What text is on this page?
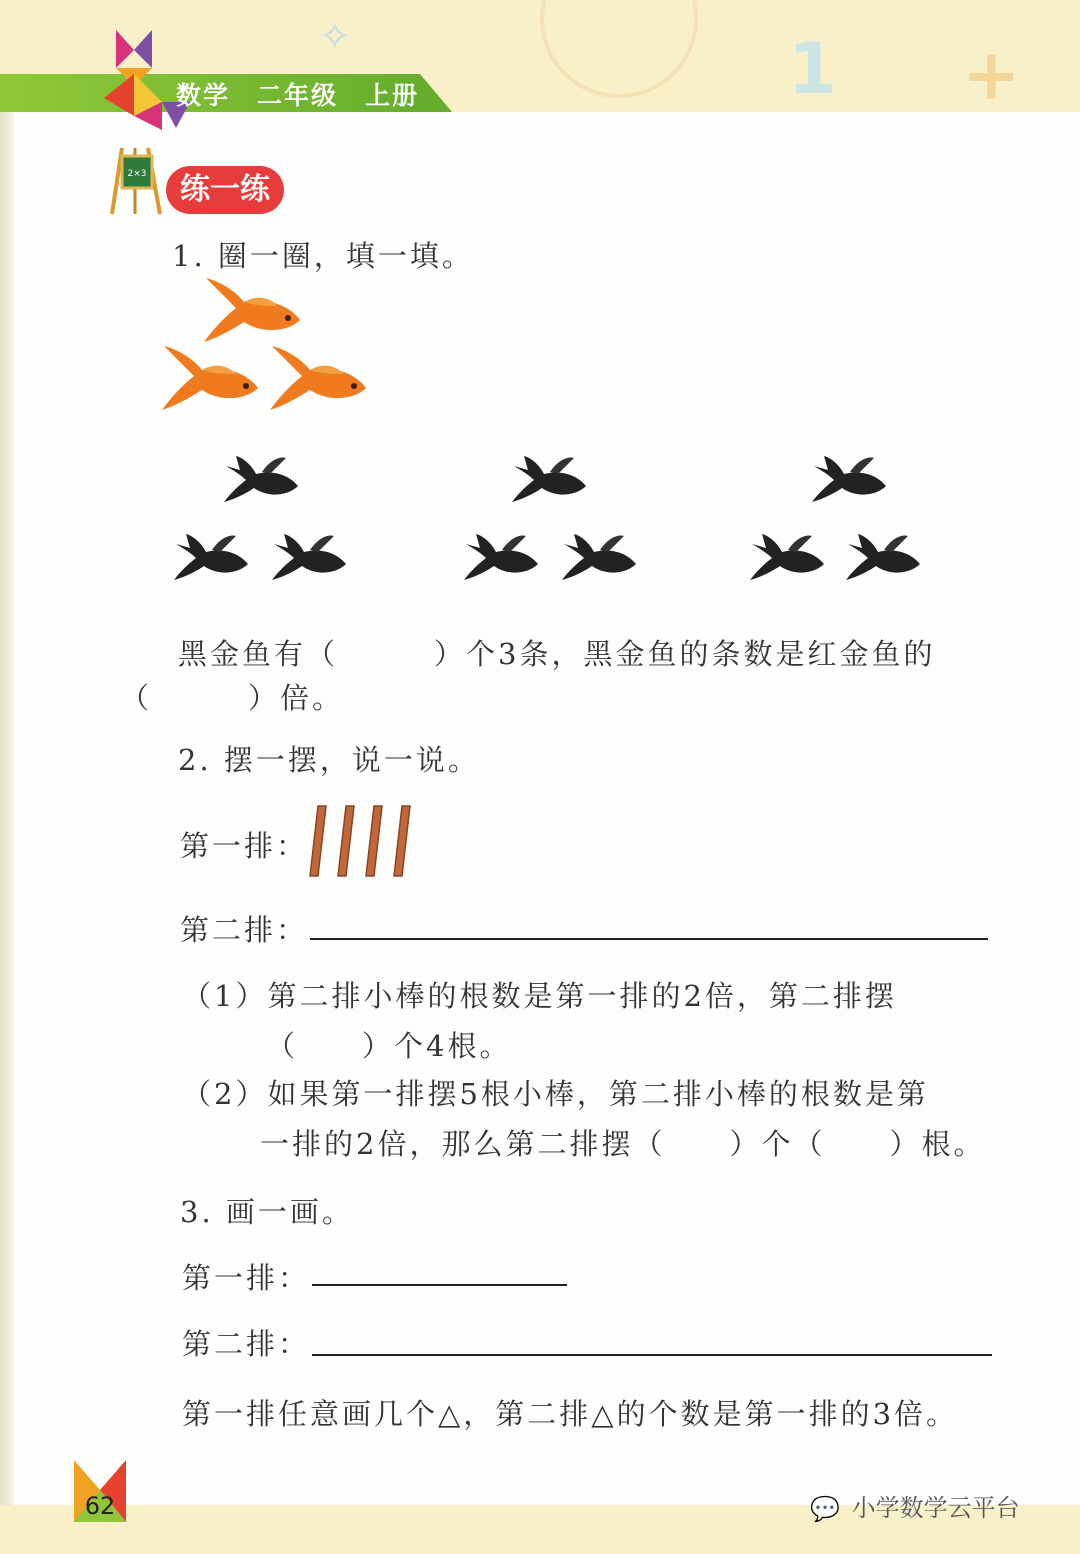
✧	1 +
数学　二年级　上册
2×3	练一练
1. 圈一圈，填一填。
黑金鱼有（　　　）个3条，黑金鱼的条数是红金鱼的
（　　　）倍。
2. 摆一摆，说一说。
第一排：
第二排：
（1）第二排小棒的根数是第一排的2倍，第二排摆
（　　）个4根。
（2）如果第一排摆5根小棒，第二排小棒的根数是第
一排的2倍，那么第二排摆（　　）个（　　）根。
3. 画一画。
第一排：
第二排：
第一排任意画几个△，第二排△的个数是第一排的3倍。
62	💬 小学数学云平台
